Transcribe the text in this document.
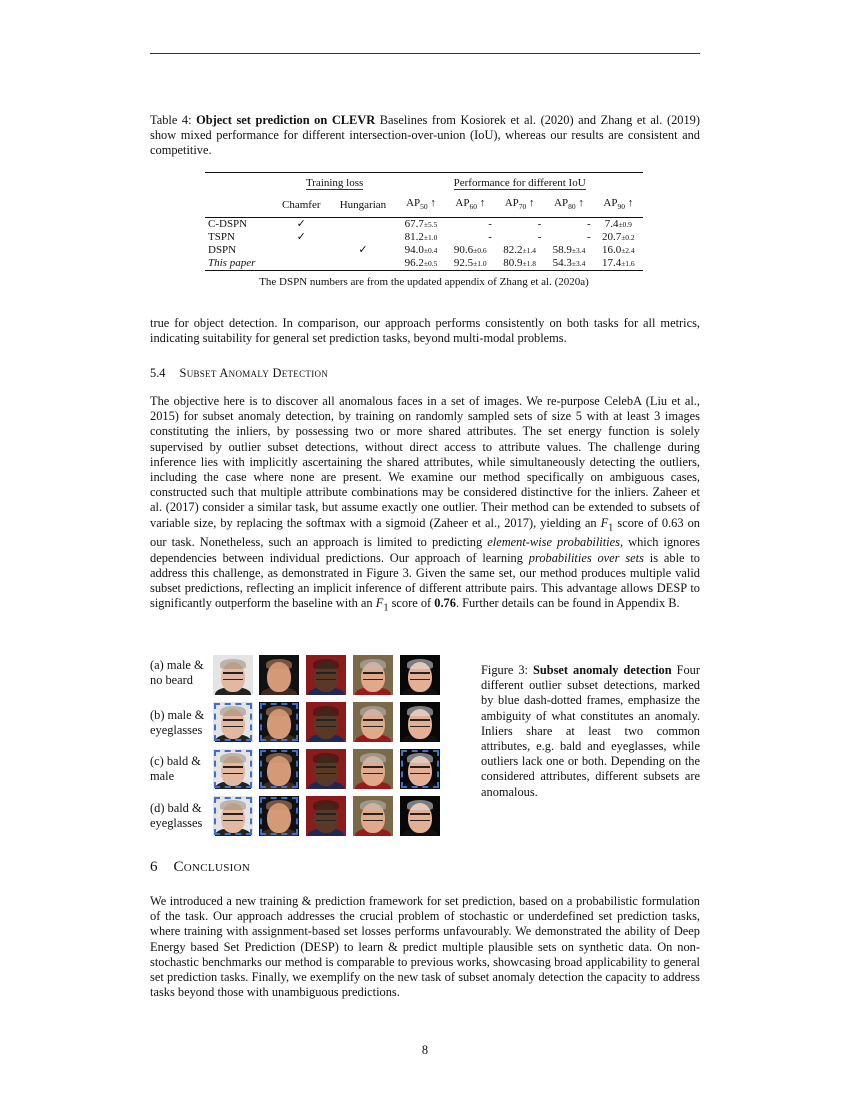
Table 4: Object set prediction on CLEVR Baselines from Kosiorek et al. (2020) and Zhang et al. (2019) show mixed performance for different intersection-over-union (IoU), whereas our results are consistent and competitive.
	Training loss		Performance for different IoU				
	Chamfer	Hungarian	$AP_{50}$ ↑	$AP_{60}$ ↑	$AP_{70}$ ↑	$AP_{80}$ ↑	$AP_{90}$ ↑
C-DSPN	✓		67.7±5.5	-	-	-	7.4±0.9
TSPN	✓		81.2±1.0	-	-	-	20.7±0.2
DSPN		✓	94.0±0.4	90.6±0.6	82.2±1.4	58.9±3.4	16.0±2.4
This paper			96.2±0.5	92.5±1.0	80.9±1.8	54.3±3.4	17.4±1.6
The DSPN numbers are from the updated appendix of Zhang et al. (2020a)
true for object detection. In comparison, our approach performs consistently on both tasks for all metrics, indicating suitability for general set prediction tasks, beyond multi-modal problems.
5.4 Subset Anomaly Detection
The objective here is to discover all anomalous faces in a set of images. We re-purpose CelebA (Liu et al., 2015) for subset anomaly detection, by training on randomly sampled sets of size 5 with at least 3 images constituting the inliers, by possessing two or more shared attributes. The set energy function is solely supervised by outlier subset detections, without direct access to attribute values. The challenge during inference lies with implicitly ascertaining the shared attributes, while simultaneously detecting the outliers, including the case where none are present. We examine our method specifically on ambiguous cases, constructed such that multiple attribute combinations may be considered distinctive for the inliers. Zaheer et al. (2017) consider a similar task, but assume exactly one outlier. Their method can be extended to subsets of variable size, by replacing the softmax with a sigmoid (Zaheer et al., 2017), yielding an $F_1$ score of 0.63 on our task. Nonetheless, such an approach is limited to predicting element-wise probabilities, which ignores dependencies between individual predictions. Our approach of learning probabilities over sets is able to address this challenge, as demonstrated in Figure 3. Given the same set, our method produces multiple valid subset predictions, reflecting an implicit inference of different attribute pairs. This advantage allows DESP to significantly outperform the baseline with an $F_1$ score of 0.76. Further details can be found in Appendix B.
(a) male & no beard
(b) male & eyeglasses
(c) bald & male
(d) bald & eyeglasses
Figure 3: Subset anomaly detection Four different outlier subset detections, marked by blue dash-dotted frames, emphasize the ambiguity of what constitutes an anomaly. Inliers share at least two common attributes, e.g. bald and eyeglasses, while outliers lack one or both. Depending on the considered attributes, different subsets are anomalous.
6 Conclusion
We introduced a new training & prediction framework for set prediction, based on a probabilistic formulation of the task. Our approach addresses the crucial problem of stochastic or underdefined set prediction tasks, where training with assignment-based set losses performs unfavourably. We demonstrated the ability of Deep Energy based Set Prediction (DESP) to learn & predict multiple plausible sets on synthetic data. On non-stochastic benchmarks our method is comparable to previous works, showcasing broad applicability to general set prediction tasks. Finally, we exemplify on the new task of subset anomaly detection the capacity to address tasks beyond those with unambiguous predictions.
8
